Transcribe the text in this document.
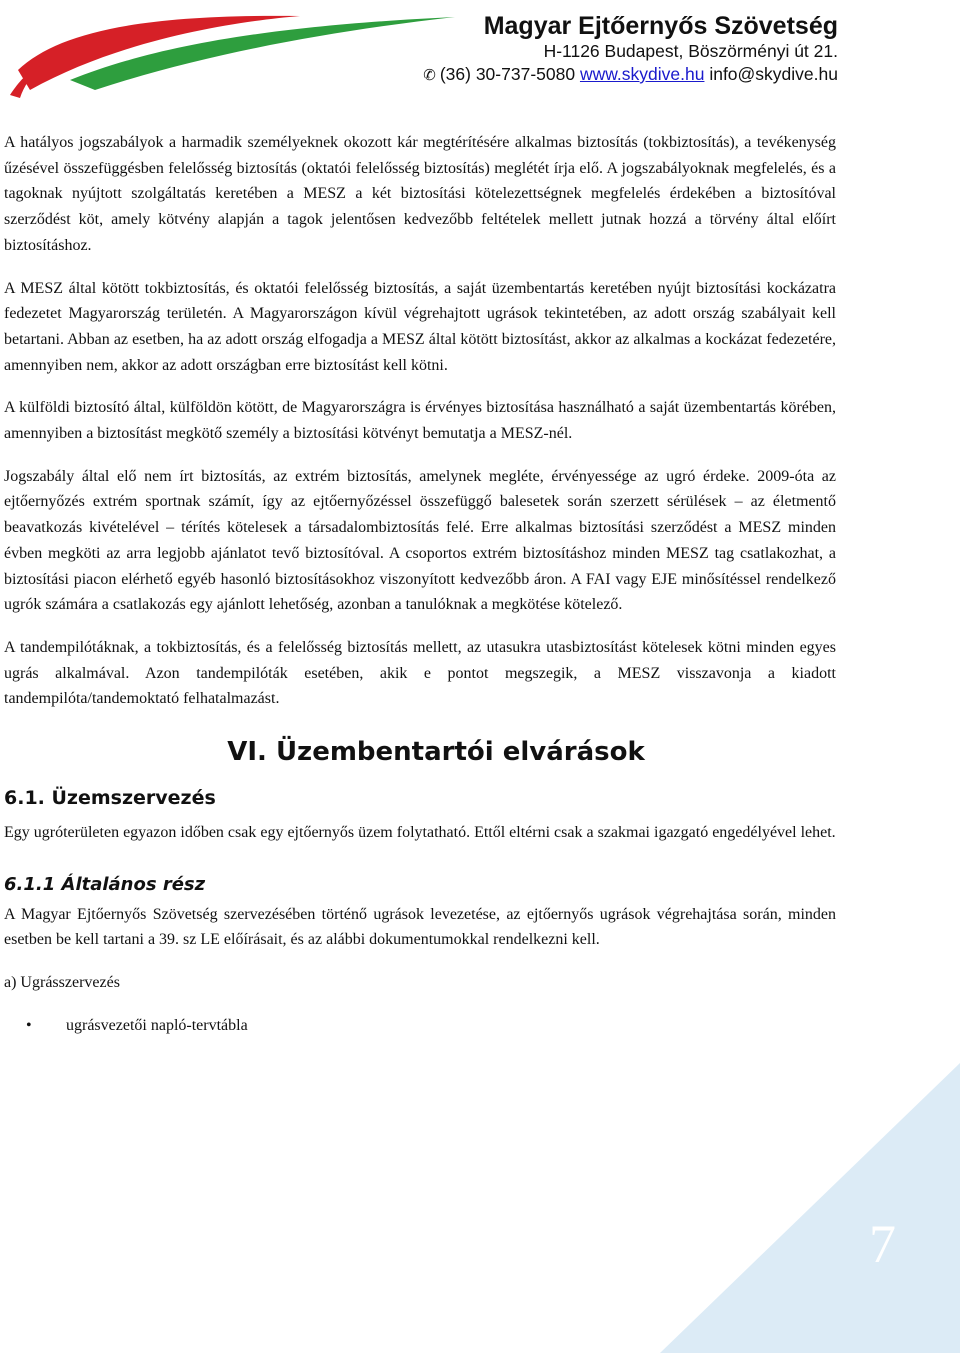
Magyar Ejtőernyős Szövetség
H-1126 Budapest, Böszörményi út 21.
✆ (36) 30-737-5080 www.skydive.hu info@skydive.hu

A hatályos jogszabályok a harmadik személyeknek okozott kár megtérítésére alkalmas biztosítás (tokbiztosítás), a tevékenység űzésével összefüggésben felelősség biztosítás (oktatói felelősség biztosítás) meglétét írja elő. A jogszabályoknak megfelelés, és a tagoknak nyújtott szolgáltatás keretében a MESZ a két biztosítási kötelezettségnek megfelelés érdekében a biztosítóval szerződést köt, amely kötvény alapján a tagok jelentősen kedvezőbb feltételek mellett jutnak hozzá a törvény által előírt biztosításhoz.

A MESZ által kötött tokbiztosítás, és oktatói felelősség biztosítás, a saját üzembentartás keretében nyújt biztosítási kockázatra fedezetet Magyarország területén. A Magyarországon kívül végrehajtott ugrások tekintetében, az adott ország szabályait kell betartani. Abban az esetben, ha az adott ország elfogadja a MESZ által kötött biztosítást, akkor az alkalmas a kockázat fedezetére, amennyiben nem, akkor az adott országban erre biztosítást kell kötni.

A külföldi biztosító által, külföldön kötött, de Magyarországra is érvényes biztosítása használható a saját üzembentartás körében, amennyiben a biztosítást megkötő személy a biztosítási kötvényt bemutatja a MESZ-nél.

Jogszabály által elő nem írt biztosítás, az extrém biztosítás, amelynek megléte, érvényessége az ugró érdeke. 2009-óta az ejtőernyőzés extrém sportnak számít, így az ejtőernyőzéssel összefüggő balesetek során szerzett sérülések – az életmentő beavatkozás kivételével – térítés kötelesek a társadalombiztosítás felé. Erre alkalmas biztosítási szerződést a MESZ minden évben megköti az arra legjobb ajánlatot tevő biztosítóval. A csoportos extrém biztosításhoz minden MESZ tag csatlakozhat, a biztosítási piacon elérhető egyéb hasonló biztosításokhoz viszonyított kedvezőbb áron. A FAI vagy EJE minősítéssel rendelkező ugrók számára a csatlakozás egy ajánlott lehetőség, azonban a tanulóknak a megkötése kötelező.

A tandempilótáknak, a tokbiztosítás, és a felelősség biztosítás mellett, az utasukra utasbiztosítást kötelesek kötni minden egyes ugrás alkalmával. Azon tandempilóták esetében, akik e pontot megszegik, a MESZ visszavonja a kiadott tandempilóta/tandemoktató felhatalmazást.

VI. Üzembentartói elvárások
6.1. Üzemszervezés

Egy ugróterületen egyazon időben csak egy ejtőernyős üzem folytatható. Ettől eltérni csak a szakmai igazgató engedélyével lehet.

6.1.1 Általános rész

A Magyar Ejtőernyős Szövetség szervezésében történő ugrások levezetése, az ejtőernyős ugrások végrehajtása során, minden esetben be kell tartani a 39. sz LE előírásait, és az alábbi dokumentumokkal rendelkezni kell.

a) Ugrásszervezés

• ugrásvezetői napló-tervtábla
7
